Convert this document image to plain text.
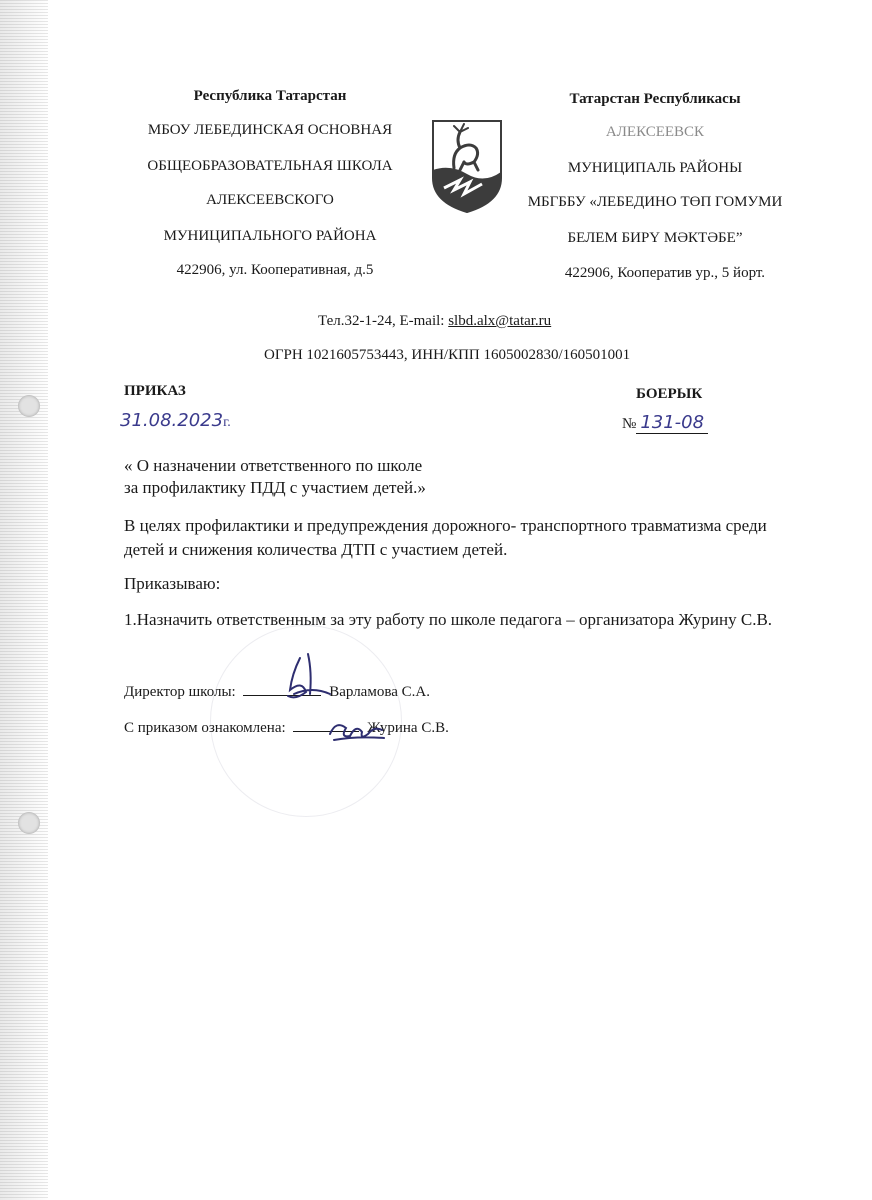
Республика Татарстан
МБОУ ЛЕБЕДИНСКАЯ ОСНОВНАЯ
ОБЩЕОБРАЗОВАТЕЛЬНАЯ ШКОЛА
АЛЕКСЕЕВСКОГО
МУНИЦИПАЛЬНОГО РАЙОНА
422906, ул. Кооперативная, д.5
Татарстан Республикасы
АЛЕКСЕЕВСК
МУНИЦИПАЛЬ РАЙОНЫ
МБГББУ «ЛЕБЕДИНО ТӨП ГОМУМИ
БЕЛЕМ БИРҮ МӘКТӘБЕ”
422906, Кооператив ур., 5 йорт.
Тел.32-1-24, E-mail: slbd.alx@tatar.ru
ОГРН 1021605753443, ИНН/КПП 1605002830/160501001
ПРИКАЗ	БОЕРЫК
31.08.2023г.	№ 131-08
« О назначении ответственного по школе
за профилактику ПДД с участием детей.»
В целях профилактики и предупреждения дорожного- транспортного травматизма среди
детей и снижения количества ДТП с участием детей.
Приказываю:
1.Назначить ответственным за эту работу по школе педагога – организатора Журину С.В.
Директор школы:	Варламова С.А.
С приказом ознакомлена:	Журина С.В.
